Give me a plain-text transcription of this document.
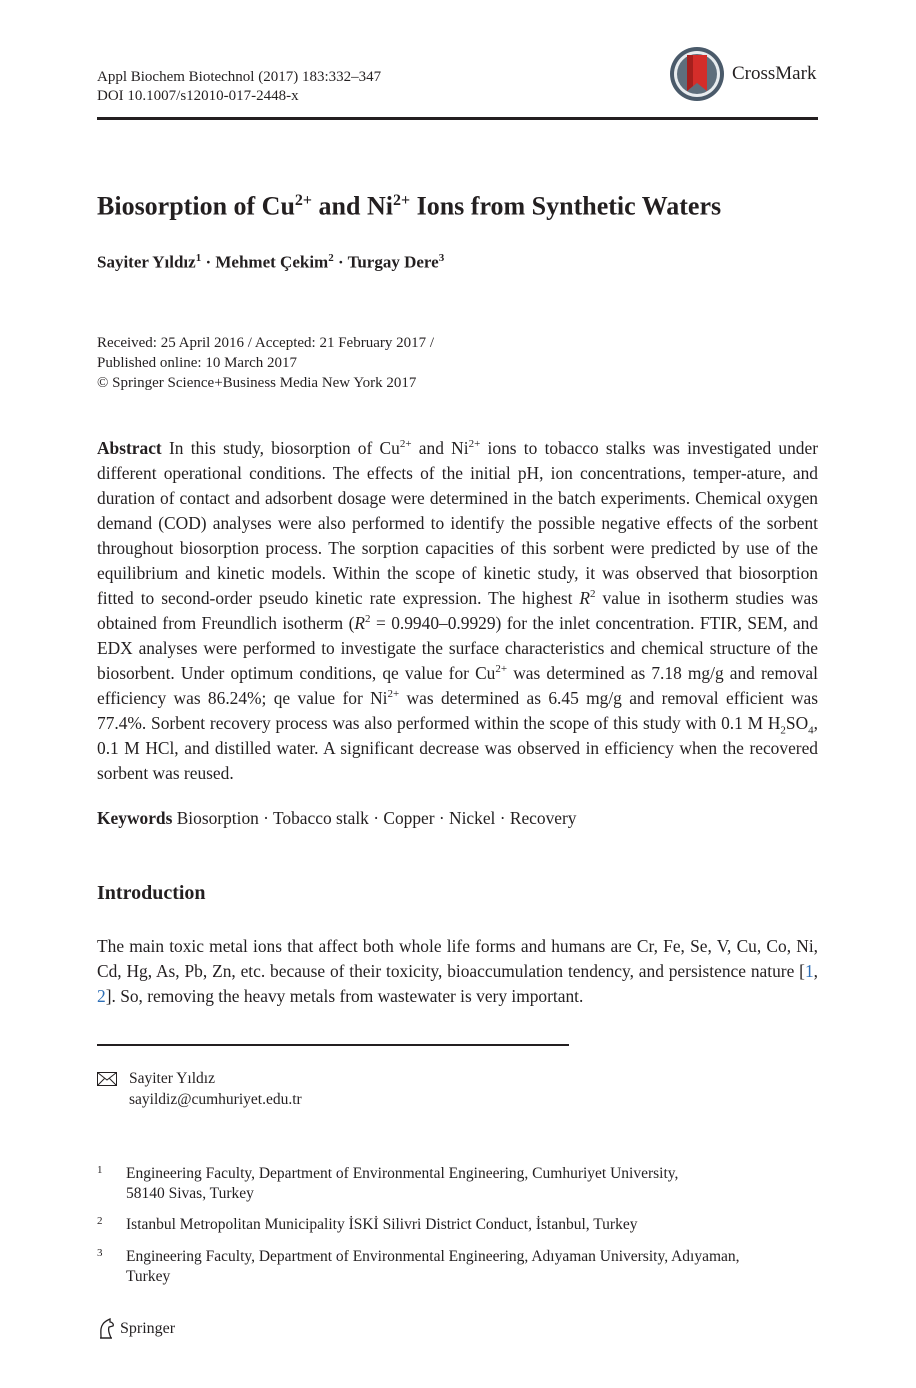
Appl Biochem Biotechnol (2017) 183:332–347
DOI 10.1007/s12010-017-2448-x
CrossMark
Biosorption of $Cu^{2+}$ and $Ni^{2+}$ Ions from Synthetic Waters
Sayiter Yıldız$^1$ · Mehmet Çekim$^2$ · Turgay Dere$^3$
Received: 25 April 2016 / Accepted: 21 February 2017 /
Published online: 10 March 2017
© Springer Science+Business Media New York 2017
Abstract In this study, biosorption of $Cu^{2+}$ and $Ni^{2+}$ ions to tobacco stalks was investigated under different operational conditions. The effects of the initial pH, ion concentrations, temper-ature, and duration of contact and adsorbent dosage were determined in the batch experiments. Chemical oxygen demand (COD) analyses were also performed to identify the possible negative effects of the sorbent throughout biosorption process. The sorption capacities of this sorbent were predicted by use of the equilibrium and kinetic models. Within the scope of kinetic study, it was observed that biosorption fitted to second-order pseudo kinetic rate expression. The highest $R^2$ value in isotherm studies was obtained from Freundlich isotherm $(R^2 = 0.9940-0.9929)$ for the inlet concentration. FTIR, SEM, and EDX analyses were performed to investigate the surface characteristics and chemical structure of the biosorbent. Under optimum conditions, qe value for $Cu^{2+}$ was determined as 7.18 mg/g and removal efficiency was 86.24%; qe value for $Ni^{2+}$ was determined as 6.45 mg/g and removal efficient was 77.4%. Sorbent recovery process was also performed within the scope of this study with 0.1 M $H_2SO_4$, 0.1 M HCl, and distilled water. A significant decrease was observed in efficiency when the recovered sorbent was reused.
Keywords Biosorption · Tobacco stalk · Copper · Nickel · Recovery
Introduction
The main toxic metal ions that affect both whole life forms and humans are Cr, Fe, Se, V, Cu, Co, Ni, Cd, Hg, As, Pb, Zn, etc. because of their toxicity, bioaccumulation tendency, and persistence nature [1, 2]. So, removing the heavy metals from wastewater is very important.
Sayiter Yıldız
sayildiz@cumhuriyet.edu.tr
1 Engineering Faculty, Department of Environmental Engineering, Cumhuriyet University,
58140 Sivas, Turkey
2 Istanbul Metropolitan Municipality İSKİ Silivri District Conduct, İstanbul, Turkey
3 Engineering Faculty, Department of Environmental Engineering, Adıyaman University, Adıyaman,
Turkey
Springer
